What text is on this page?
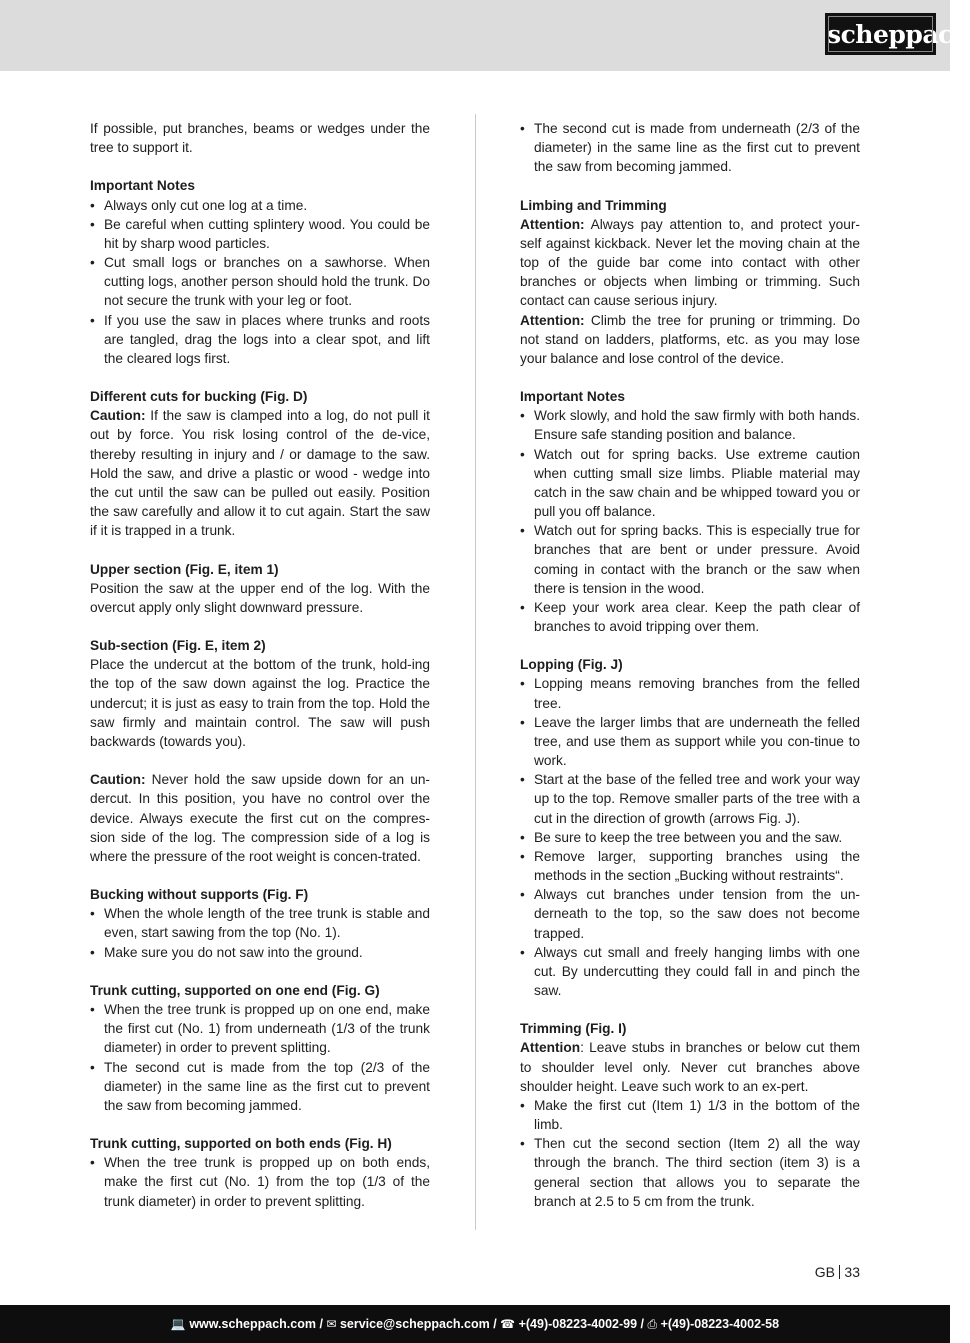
scheppach

If possible, put branches, beams or wedges under the tree to support it.

Important Notes
• Always only cut one log at a time.
• Be careful when cutting splintery wood. You could be hit by sharp wood particles.
• Cut small logs or branches on a sawhorse. When cutting logs, another person should hold the trunk. Do not secure the trunk with your leg or foot.
• If you use the saw in places where trunks and roots are tangled, drag the logs into a clear spot, and lift the cleared logs first.
Different cuts for bucking (Fig. D)

Caution: If the saw is clamped into a log, do not pull it out by force. You risk losing control of the de-vice, thereby resulting in injury and / or damage to the saw. Hold the saw, and drive a plastic or wood - wedge into the cut until the saw can be pulled out easily. Position the saw carefully and allow it to cut again. Start the saw if it is trapped in a trunk.

Upper section (Fig. E, item 1)

Position the saw at the upper end of the log. With the overcut apply only slight downward pressure.

Sub-section (Fig. E, item 2)

Place the undercut at the bottom of the trunk, hold-ing the top of the saw down against the log. Practice the undercut; it is just as easy to train from the top. Hold the saw firmly and maintain control. The saw will push backwards (towards you).

Caution: Never hold the saw upside down for an un-dercut. In this position, you have no control over the device. Always execute the first cut on the compres-sion side of the log. The compression side of a log is where the pressure of the root weight is concen-trated.

Bucking without supports (Fig. F)
• When the whole length of the tree trunk is stable and even, start sawing from the top (No. 1).
• Make sure you do not saw into the ground.
Trunk cutting, supported on one end (Fig. G)
• When the tree trunk is propped up on one end, make the first cut (No. 1) from underneath (1/3 of the trunk diameter) in order to prevent splitting.
• The second cut is made from the top (2/3 of the diameter) in the same line as the first cut to prevent the saw from becoming jammed.
Trunk cutting, supported on both ends (Fig. H)
• When the tree trunk is propped up on both ends, make the first cut (No. 1) from the top (1/3 of the trunk diameter) in order to prevent splitting.
• The second cut is made from underneath (2/3 of the diameter) in the same line as the first cut to prevent the saw from becoming jammed.
Limbing and Trimming

Attention: Always pay attention to, and protect your-self against kickback. Never let the moving chain at the top of the guide bar come into contact with other branches or objects when limbing or trimming. Such contact can cause serious injury.

Attention: Climb the tree for pruning or trimming. Do not stand on ladders, platforms, etc. as you may lose your balance and lose control of the device.

Important Notes
• Work slowly, and hold the saw firmly with both hands. Ensure safe standing position and balance.
• Watch out for spring backs. Use extreme caution when cutting small size limbs. Pliable material may catch in the saw chain and be whipped toward you or pull you off balance.
• Watch out for spring backs. This is especially true for branches that are bent or under pressure. Avoid coming in contact with the branch or the saw when there is tension in the wood.
• Keep your work area clear. Keep the path clear of branches to avoid tripping over them.
Lopping (Fig. J)
• Lopping means removing branches from the felled tree.
• Leave the larger limbs that are underneath the felled tree, and use them as support while you con-tinue to work.
• Start at the base of the felled tree and work your way up to the top. Remove smaller parts of the tree with a cut in the direction of growth (arrows Fig. J).
• Be sure to keep the tree between you and the saw.
• Remove larger, supporting branches using the methods in the section „Bucking without restraints“.
• Always cut branches under tension from the un-derneath to the top, so the saw does not become trapped.
• Always cut small and freely hanging limbs with one cut. By undercutting they could fall in and pinch the saw.
Trimming (Fig. I)

Attention: Leave stubs in branches or below cut them to shoulder level only. Never cut branches above shoulder height. Leave such work to an ex-pert.

• Make the first cut (Item 1) 1/3 in the bottom of the limb.
• Then cut the second section (Item 2) all the way through the branch. The third section (item 3) is a general section that allows you to separate the branch at 2.5 to 5 cm from the trunk.
GB 33
💻 www.scheppach.com / ✉ service@scheppach.com / ☎ +(49)-08223-4002-99 / ⎙ +(49)-08223-4002-58
